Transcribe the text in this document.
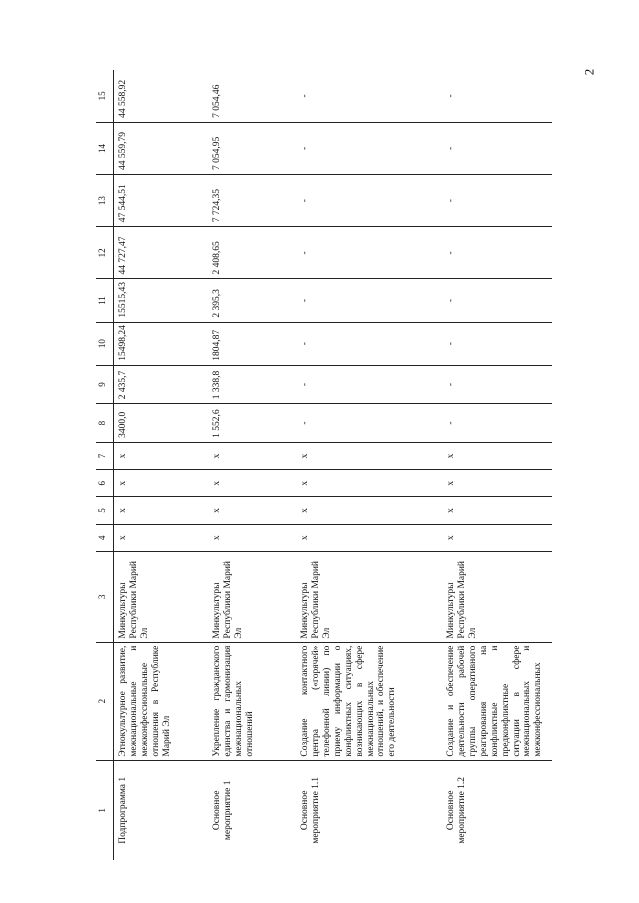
2
1	2	3	4	5	6	7	8	9	10	11	12	13	14	15
Подпрограмма 1	Этнокультурное развитие, межнациональные и межконфессиональные отношения в Республике Марий Эл	Минкультуры Республики Марий Эл	x	x	x	x	3400,0	2 435,7	15498,24	15515,43	44 727,47	47 544,51	44 559,79	44 558,92
Основное мероприятие 1	Укрепление гражданского единства и гармонизация межнациональных отношений	Минкультуры Республики Марий Эл	x	x	x	x	1 552,6	1 338,8	1804,87	2 395,3	2 408,65	7 724,35	7 054,95	7 054,46
Основное мероприятие 1.1	Создание контактного центра («горячей» телефонной линии) по приему информации о конфликтных ситуациях, возникающих в сфере межнациональных отношений, и обеспечение его деятельности	Минкультуры Республики Марий Эл	x	x	x	x	-	-	-	-	-	-	-	-
Основное мероприятие 1.2	Создание и обеспечение деятельности рабочей группы оперативного реагирования на конфликтные и предконфликтные ситуации в сфере межнациональных и межконфессиональных	Минкультуры Республики Марий Эл	x	x	x	x	-	-	-	-	-	-	-	-
